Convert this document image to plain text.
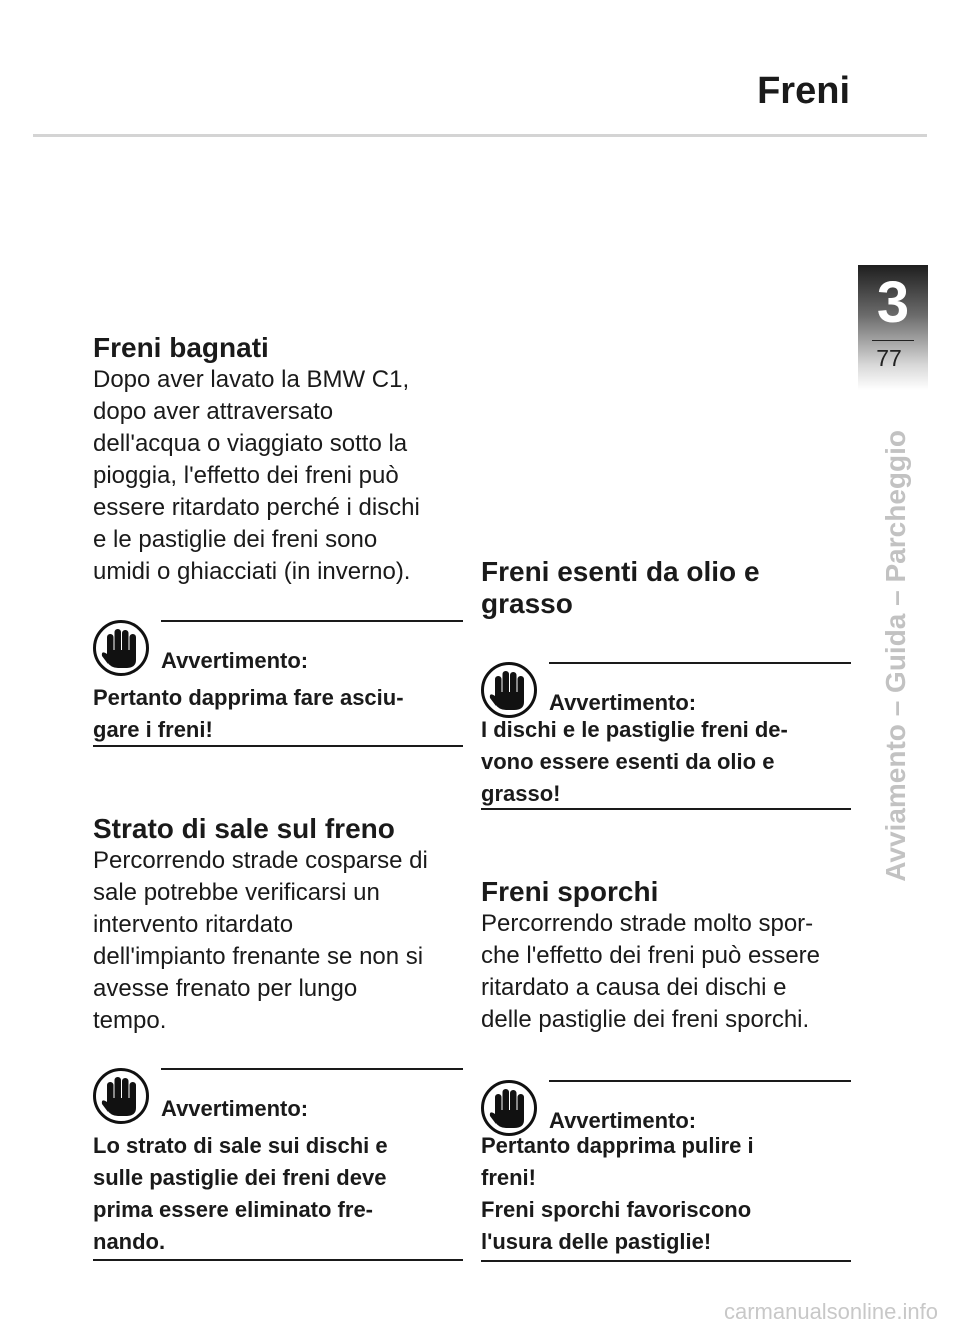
Freni
3
77
Avviamento – Guida – Parcheggio
Freni bagnati

Dopo aver lavato la BMW C1,
dopo aver attraversato
dell'acqua o viaggiato sotto la
pioggia, l'effetto dei freni può
essere ritardato perché i dischi
e le pastiglie dei freni sono
umidi o ghiacciati (in inverno).

Avvertimento:
Pertanto dapprima fare asciu-
gare i freni!
Strato di sale sul freno

Percorrendo strade cosparse di
sale potrebbe verificarsi un
intervento ritardato
dell'impianto frenante se non si
avesse frenato per lungo
tempo.

Avvertimento:
Lo strato di sale sui dischi e
sulle pastiglie dei freni deve
prima essere eliminato fre-
nando.
Freni esenti da olio e
grasso
Avvertimento:
I dischi e le pastiglie freni de-
vono essere esenti da olio e
grasso!
Freni sporchi

Percorrendo strade molto spor-
che l'effetto dei freni può essere
ritardato a causa dei dischi e
delle pastiglie dei freni sporchi.

Avvertimento:
Pertanto dapprima pulire i
freni!
Freni sporchi favoriscono
l'usura delle pastiglie!
carmanualsonline.info
